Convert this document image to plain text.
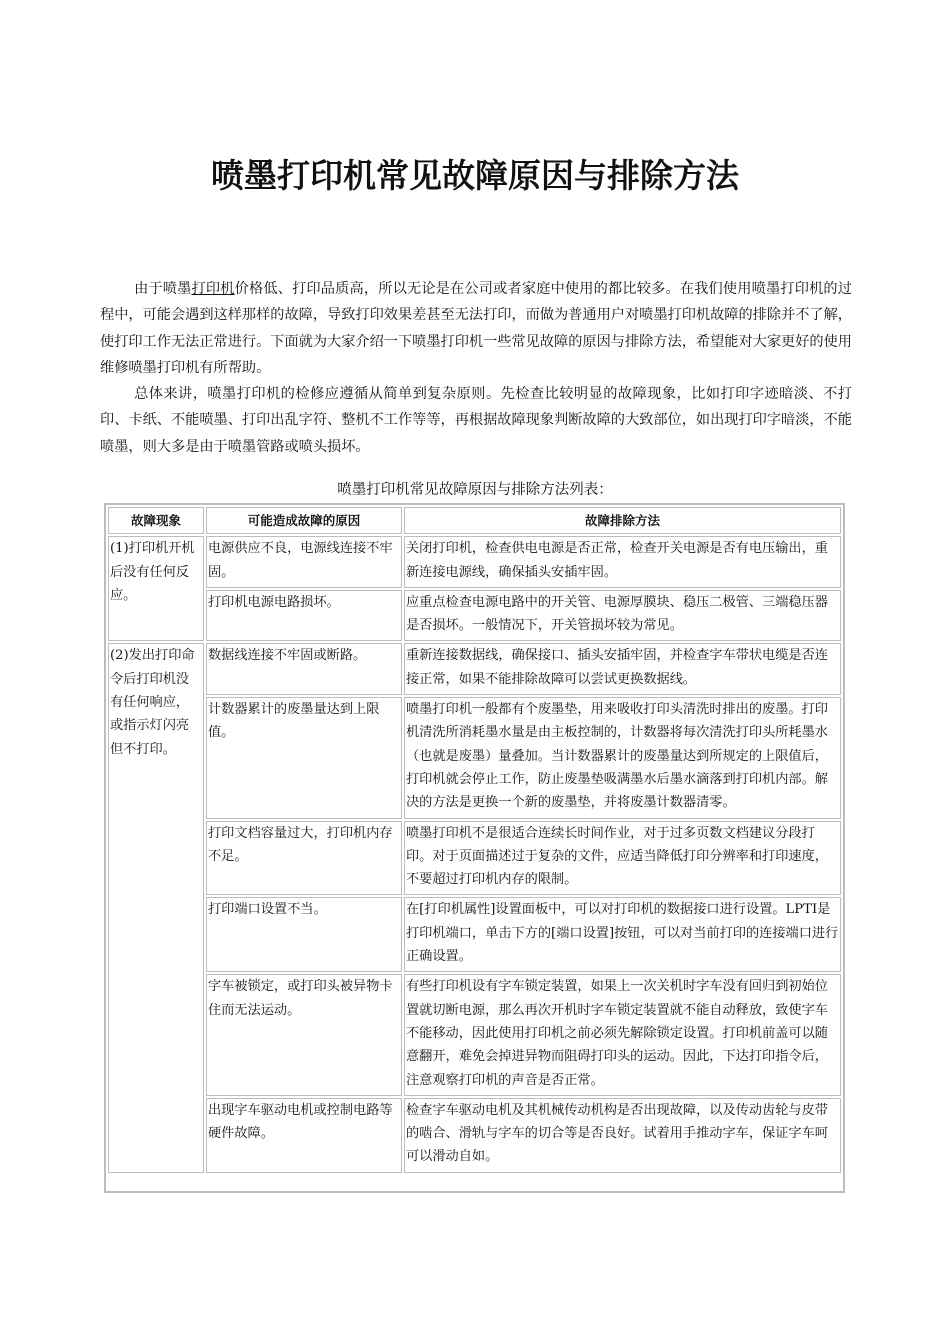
喷墨打印机常见故障原因与排除方法

由于喷墨打印机价格低、打印品质高，所以无论是在公司或者家庭中使用的都比较多。在我们使用喷墨打印机的过程中，可能会遇到这样那样的故障，导致打印效果差甚至无法打印，而做为普通用户对喷墨打印机故障的排除并不了解，使打印工作无法正常进行。下面就为大家介绍一下喷墨打印机一些常见故障的原因与排除方法，希望能对大家更好的使用维修喷墨打印机有所帮助。

总体来讲，喷墨打印机的检修应遵循从简单到复杂原则。先检查比较明显的故障现象，比如打印字迹暗淡、不打印、卡纸、不能喷墨、打印出乱字符、整机不工作等等，再根据故障现象判断故障的大致部位，如出现打印字暗淡，不能喷墨，则大多是由于喷墨管路或喷头损坏。

喷墨打印机常见故障原因与排除方法列表：
故障现象	可能造成故障的原因	故障排除方法
(1)打印机开机后没有任何反应。	电源供应不良，电源线连接不牢固。	关闭打印机，检查供电电源是否正常，检查开关电源是否有电压输出，重新连接电源线，确保插头安插牢固。
	打印机电源电路损坏。	应重点检查电源电路中的开关管、电源厚膜块、稳压二极管、三端稳压器是否损坏。一般情况下，开关管损坏较为常见。
(2)发出打印命令后打印机没有任何响应，或指示灯闪亮但不打印。	数据线连接不牢固或断路。	重新连接数据线，确保接口、插头安插牢固，并检查字车带状电缆是否连接正常，如果不能排除故障可以尝试更换数据线。
	计数器累计的废墨量达到上限值。	喷墨打印机一般都有个废墨垫，用来吸收打印头清洗时排出的废墨。打印机清洗所消耗墨水量是由主板控制的，计数器将每次清洗打印头所耗墨水（也就是废墨）量叠加。当计数器累计的废墨量达到所规定的上限值后，打印机就会停止工作，防止废墨垫吸满墨水后墨水滴落到打印机内部。解决的方法是更换一个新的废墨垫，并将废墨计数器清零。
	打印文档容量过大，打印机内存不足。	喷墨打印机不是很适合连续长时间作业，对于过多页数文档建议分段打印。对于页面描述过于复杂的文件，应适当降低打印分辨率和打印速度，不要超过打印机内存的限制。
	打印端口设置不当。	在[打印机属性]设置面板中，可以对打印机的数据接口进行设置。LPTI是打印机端口，单击下方的[端口设置]按钮，可以对当前打印的连接端口进行正确设置。
	字车被锁定，或打印头被异物卡住而无法运动。	有些打印机设有字车锁定装置，如果上一次关机时字车没有回归到初始位置就切断电源，那么再次开机时字车锁定装置就不能自动释放，致使字车不能移动，因此使用打印机之前必须先解除锁定设置。打印机前盖可以随意翻开，难免会掉进异物而阻碍打印头的运动。因此，下达打印指令后，注意观察打印机的声音是否正常。
	出现字车驱动电机或控制电路等硬件故障。	检查字车驱动电机及其机械传动机构是否出现故障，以及传动齿轮与皮带的啮合、滑轨与字车的切合等是否良好。试着用手推动字车，保证字车呵可以滑动自如。
